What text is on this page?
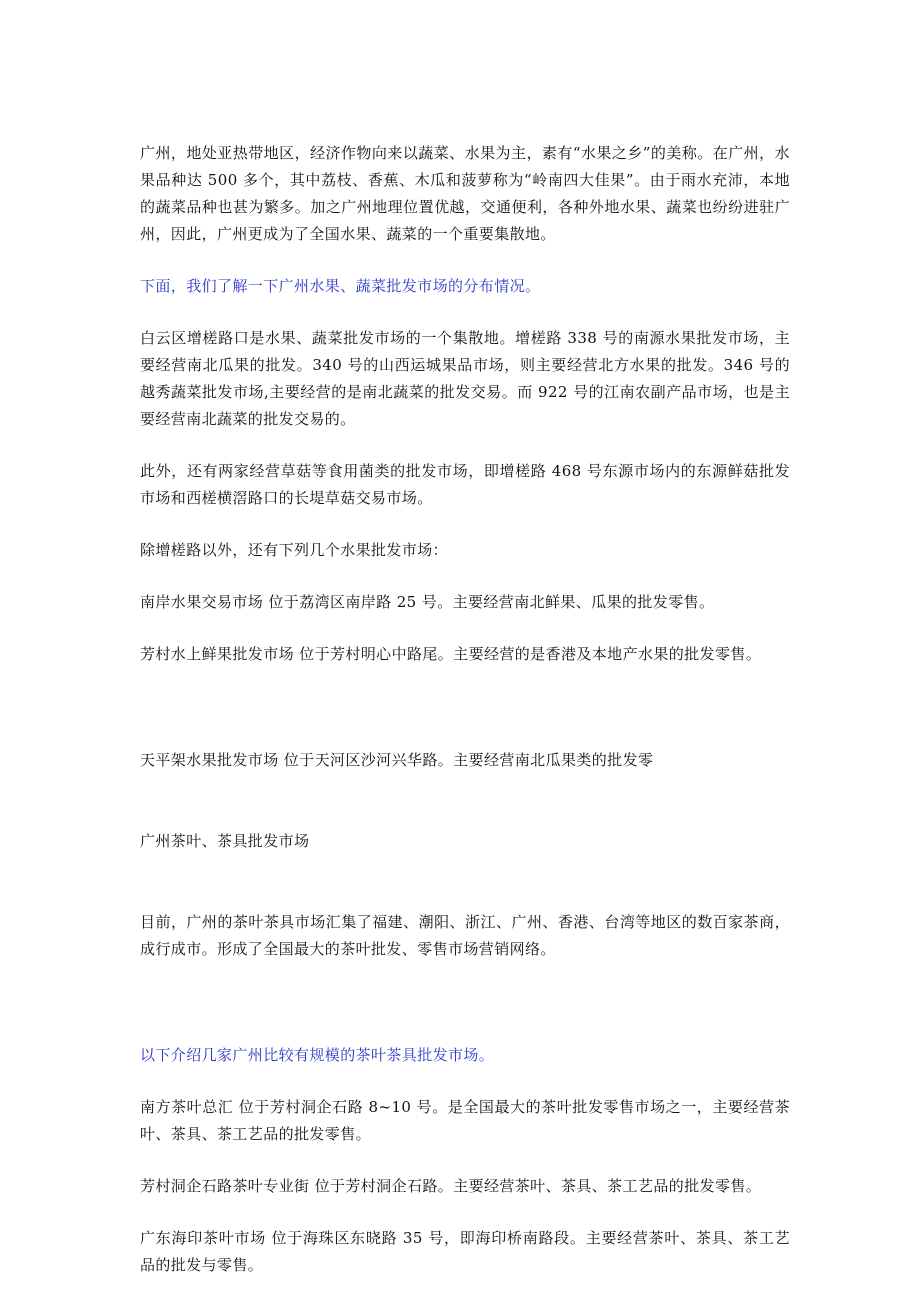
广州，地处亚热带地区，经济作物向来以蔬菜、水果为主，素有“水果之乡”的美称。在广州，水果品种达 500 多个，其中荔枝、香蕉、木瓜和菠萝称为“岭南四大佳果”。由于雨水充沛，本地的蔬菜品种也甚为繁多。加之广州地理位置优越，交通便利，各种外地水果、蔬菜也纷纷进驻广州，因此，广州更成为了全国水果、蔬菜的一个重要集散地。

下面，我们了解一下广州水果、蔬菜批发市场的分布情况。

白云区增槎路口是水果、蔬菜批发市场的一个集散地。增槎路 338 号的南源水果批发市场，主要经营南北瓜果的批发。340 号的山西运城果品市场，则主要经营北方水果的批发。346 号的越秀蔬菜批发市场,主要经营的是南北蔬菜的批发交易。而 922 号的江南农副产品市场，也是主要经营南北蔬菜的批发交易的。

此外，还有两家经营草菇等食用菌类的批发市场，即增槎路 468 号东源市场内的东源鲜菇批发市场和西槎横滘路口的长堤草菇交易市场。

除增槎路以外，还有下列几个水果批发市场：

南岸水果交易市场 位于荔湾区南岸路 25 号。主要经营南北鲜果、瓜果的批发零售。

芳村水上鲜果批发市场 位于芳村明心中路尾。主要经营的是香港及本地产水果的批发零售。

天平架水果批发市场 位于天河区沙河兴华路。主要经营南北瓜果类的批发零

广州茶叶、茶具批发市场

目前，广州的茶叶茶具市场汇集了福建、潮阳、浙江、广州、香港、台湾等地区的数百家茶商，成行成市。形成了全国最大的茶叶批发、零售市场营销网络。

以下介绍几家广州比较有规模的茶叶茶具批发市场。

南方茶叶总汇 位于芳村洞企石路 8~10 号。是全国最大的茶叶批发零售市场之一，主要经营茶叶、茶具、茶工艺品的批发零售。

芳村洞企石路茶叶专业街 位于芳村洞企石路。主要经营茶叶、茶具、茶工艺品的批发零售。

广东海印茶叶市场 位于海珠区东晓路 35 号，即海印桥南路段。主要经营茶叶、茶具、茶工艺品的批发与零售。
